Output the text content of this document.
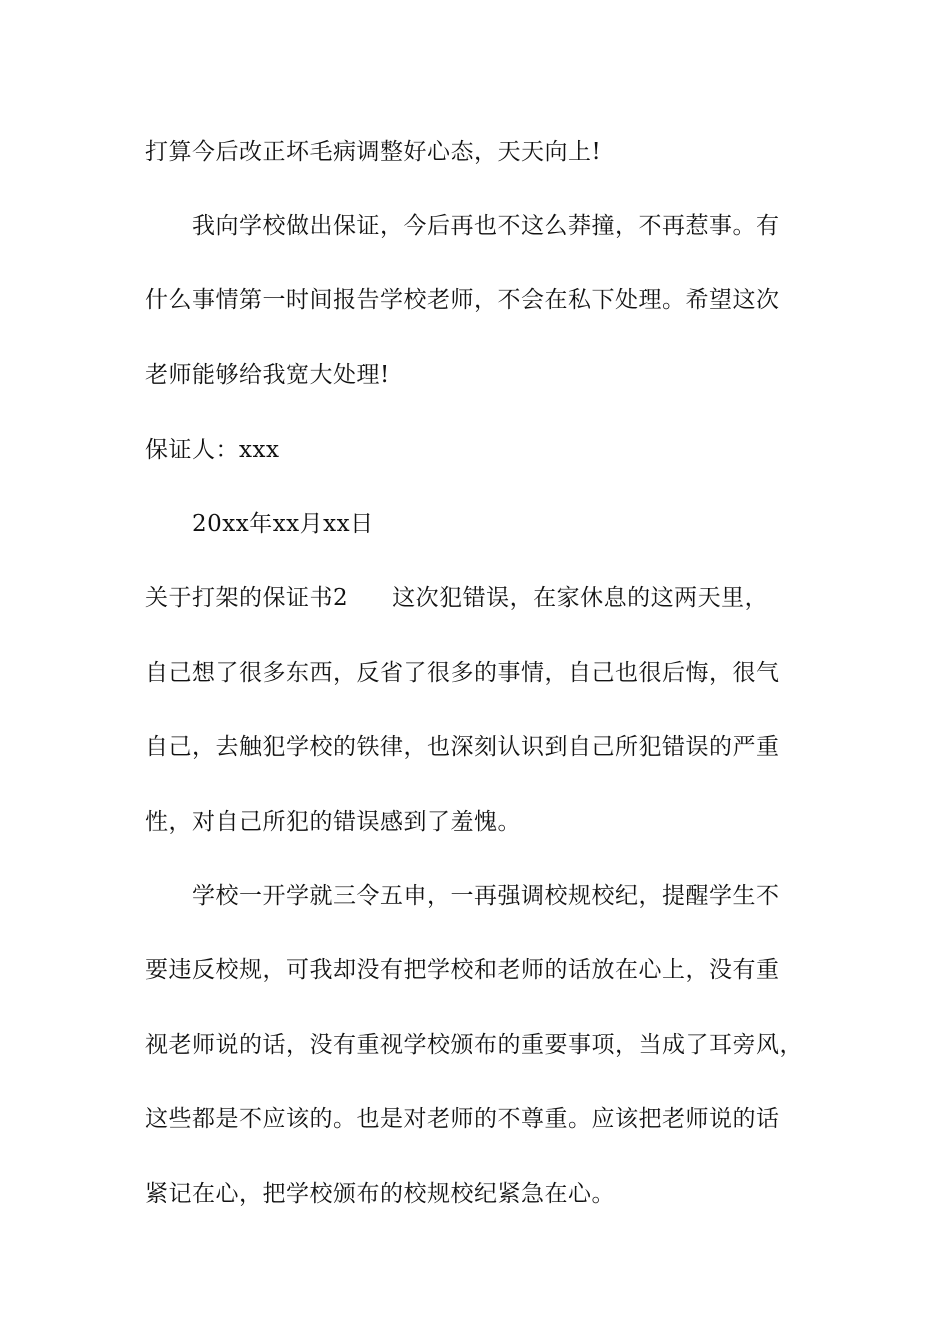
打算今后改正坏毛病调整好心态，天天向上!
我向学校做出保证，今后再也不这么莽撞，不再惹事。有
什么事情第一时间报告学校老师，不会在私下处理。希望这次
老师能够给我宽大处理!
保证人：xxx
20xx年xx月xx日
关于打架的保证书2 这次犯错误，在家休息的这两天里，
自己想了很多东西，反省了很多的事情，自己也很后悔，很气
自己，去触犯学校的铁律，也深刻认识到自己所犯错误的严重
性，对自己所犯的错误感到了羞愧。
学校一开学就三令五申，一再强调校规校纪，提醒学生不
要违反校规，可我却没有把学校和老师的话放在心上，没有重
视老师说的话，没有重视学校颁布的重要事项，当成了耳旁风，
这些都是不应该的。也是对老师的不尊重。应该把老师说的话
紧记在心，把学校颁布的校规校纪紧急在心。
